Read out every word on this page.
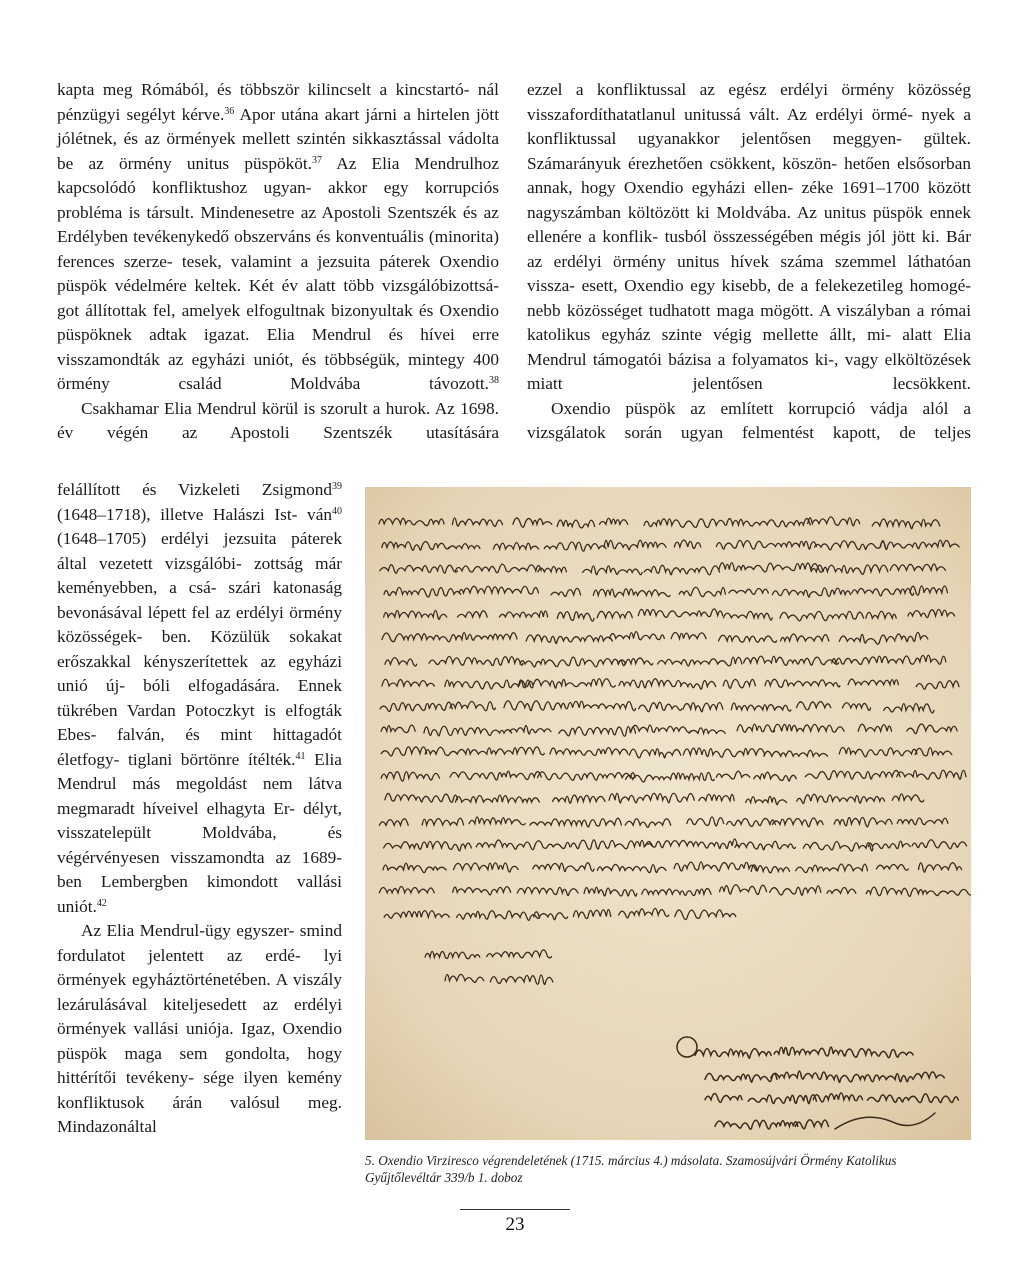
kapta meg Rómából, és többször kilincselt a kincstartó- nál pénzügyi segélyt kérve.$^{36}$ Apor utána akart járni a hirtelen jött jólétnek, és az örmények mellett szintén sikkasztással vádolta be az örmény unitus püspököt.$^{37}$ Az Elia Mendrulhoz kapcsolódó konfliktushoz ugyan- akkor egy korrupciós probléma is társult. Mindenesetre az Apostoli Szentszék és az Erdélyben tevékenykedő obszerváns és konventuális (minorita) ferences szerze- tesek, valamint a jezsuita páterek Oxendio püspök védelmére keltek. Két év alatt több vizsgálóbizottsá- got állítottak fel, amelyek elfogultnak bizonyultak és Oxendio püspöknek adtak igazat. Elia Mendrul és hívei erre visszamondták az egyházi uniót, és többségük, mintegy 400 örmény család Moldvába távozott.$^{38}$
Csakhamar Elia Mendrul körül is szorult a hurok. Az 1698. év végén az Apostoli Szentszék utasítására
felállított és Vizkeleti Zsigmond$^{39}$ (1648–1718), illetve Halászi Ist- ván$^{40}$ (1648–1705) erdélyi jezsuita páterek által vezetett vizsgálóbi- zottság már keményebben, a csá- szári katonaság bevonásával lépett fel az erdélyi örmény közösségek- ben. Közülük sokakat erőszakkal kényszerítettek az egyházi unió új- bóli elfogadására. Ennek tükrében Vardan Potoczkyt is elfogták Ebes- falván, és mint hittagadót életfogy- tiglani börtönre ítélték.$^{41}$ Elia Mendrul más megoldást nem látva megmaradt híveivel elhagyta Er- délyt, visszatelepült Moldvába, és végérvényesen visszamondta az 1689-ben Lembergben kimondott vallási uniót.$^{42}$
Az Elia Mendrul-ügy egyszer- smind fordulatot jelentett az erdé- lyi örmények egyháztörténetében. A viszály lezárulásával kiteljesedett az erdélyi örmények vallási uniója. Igaz, Oxendio püspök maga sem gondolta, hogy hittérítői tevékeny- sége ilyen kemény konfliktusok árán valósul meg. Mindazonáltal
ezzel a konfliktussal az egész erdélyi örmény közösség visszafordíthatatlanul unitussá vált. Az erdélyi örmé- nyek a konfliktussal ugyanakkor jelentősen meggyen- gültek. Számarányuk érezhetően csökkent, köszön- hetően elsősorban annak, hogy Oxendio egyházi ellen- zéke 1691–1700 között nagyszámban költözött ki Moldvába. Az unitus püspök ennek ellenére a konflik- tusból összességében mégis jól jött ki. Bár az erdélyi örmény unitus hívek száma szemmel láthatóan vissza- esett, Oxendio egy kisebb, de a felekezetileg homogé- nebb közösséget tudhatott maga mögött. A viszályban a római katolikus egyház szinte végig mellette állt, mi- alatt Elia Mendrul támogatói bázisa a folyamatos ki-, vagy elköltözések miatt jelentősen lecsökkent.
Oxendio püspök az említett korrupció vádja alól a vizsgálatok során ugyan felmentést kapott, de teljes
5. Oxendio Virziresco végrendeletének (1715. március 4.) másolata. Szamosújvári Örmény Katolikus Gyűjtőlevéltár 339/b 1. doboz
23
